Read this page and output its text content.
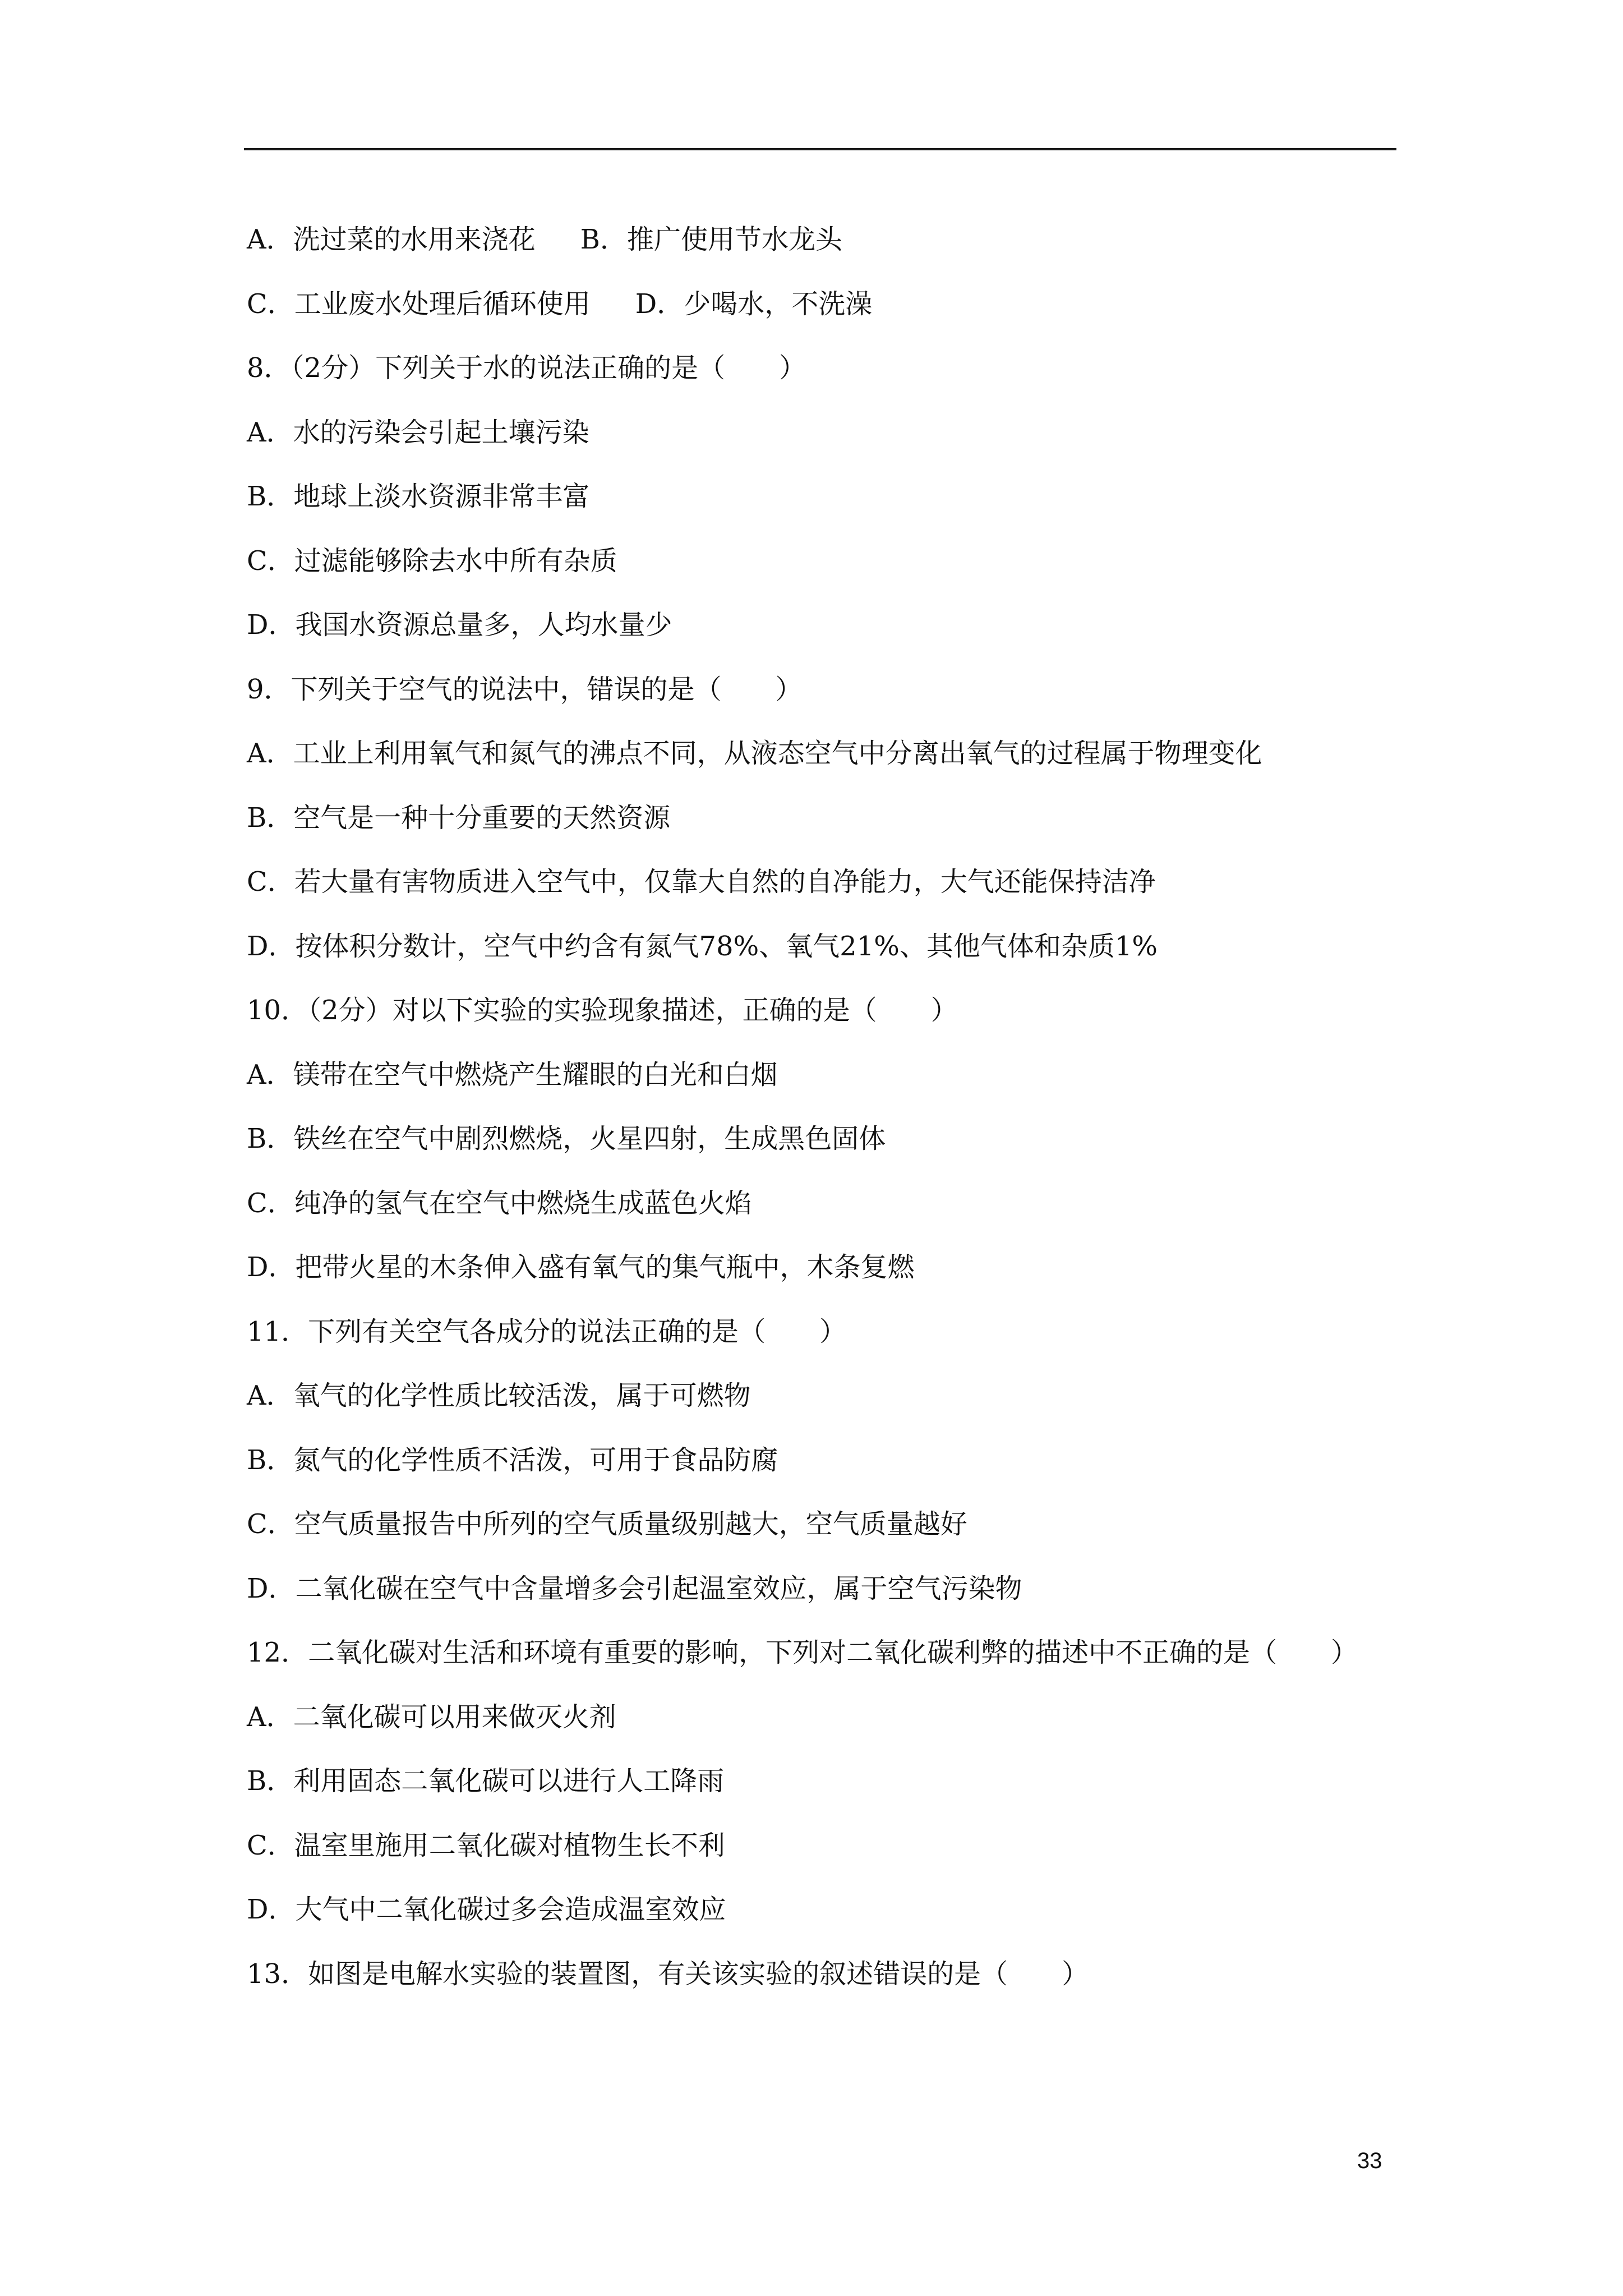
A．洗过菜的水用来浇花 B．推广使用节水龙头
C．工业废水处理后循环使用 D．少喝水，不洗澡
8．（2分）下列关于水的说法正确的是（　　）
A．水的污染会引起土壤污染
B．地球上淡水资源非常丰富
C．过滤能够除去水中所有杂质
D．我国水资源总量多，人均水量少
9．下列关于空气的说法中，错误的是（　　）
A．工业上利用氧气和氮气的沸点不同，从液态空气中分离出氧气的过程属于物理变化
B．空气是一种十分重要的天然资源
C．若大量有害物质进入空气中，仅靠大自然的自净能力，大气还能保持洁净
D．按体积分数计，空气中约含有氮气78%、氧气21%、其他气体和杂质1%
10．（2分）对以下实验的实验现象描述，正确的是（　　）
A．镁带在空气中燃烧产生耀眼的白光和白烟
B．铁丝在空气中剧烈燃烧，火星四射，生成黑色固体
C．纯净的氢气在空气中燃烧生成蓝色火焰
D．把带火星的木条伸入盛有氧气的集气瓶中，木条复燃
11．下列有关空气各成分的说法正确的是（　　）
A．氧气的化学性质比较活泼，属于可燃物
B．氮气的化学性质不活泼，可用于食品防腐
C．空气质量报告中所列的空气质量级别越大，空气质量越好
D．二氧化碳在空气中含量增多会引起温室效应，属于空气污染物
12．二氧化碳对生活和环境有重要的影响，下列对二氧化碳利弊的描述中不正确的是（　　）
A．二氧化碳可以用来做灭火剂
B．利用固态二氧化碳可以进行人工降雨
C．温室里施用二氧化碳对植物生长不利
D．大气中二氧化碳过多会造成温室效应
13．如图是电解水实验的装置图，有关该实验的叙述错误的是（　　）
33
